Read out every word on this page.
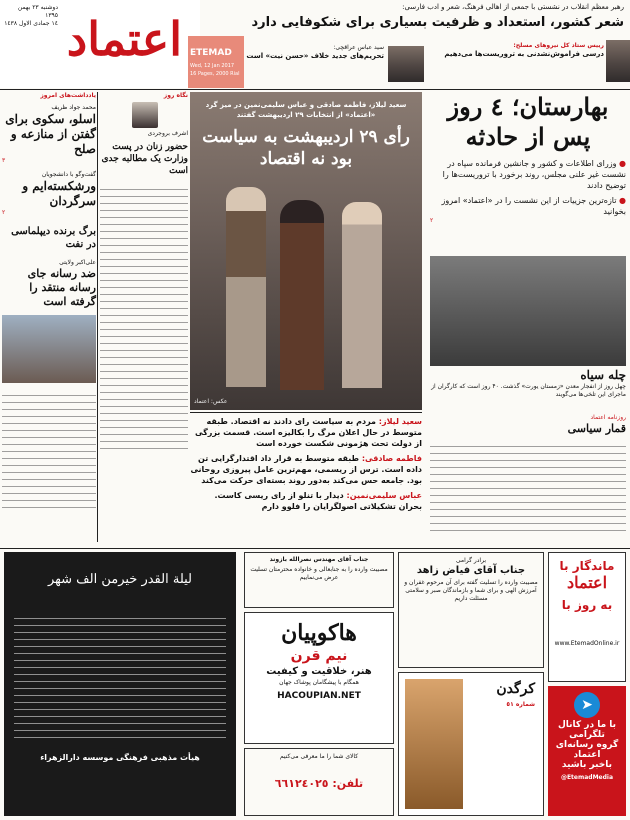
اعتماد
دوشنبه ٢٣ بهمن ١٣٩٥
١٤ جمادی الاول ١٤٣٨
ETEMAD
Wed, 12 Jan 2017
16 Pages, 2000 Rial
رهبر معظم انقلاب در نشستی با جمعی از اهالی فرهنگ، شعر و ادب فارسی:
شعر کشور، استعداد و ظرفیت بسیاری برای شکوفایی دارد
رییس ستاد کل نیروهای مسلح:
درسی فراموش‌نشدنی به تروریست‌ها می‌دهیم
سید عباس عراقچی:
تحریم‌های جدید خلاف «حسن نیت» است
یادداشت‌های امروز
محمد جواد ظریف
اسلو، سکوی برای گفتن از منازعه و صلح
٣
گفت‌وگو با دانشجویان
ورشکسته‌ایم و سرگردان
٢
برگ برنده دیپلماسی در نفت
علی‌اکبر ولایتی
ضد رسانه جای رسانه منتقد را گرفته است
نگاه روز
اشرف بروجردی
حضور زنان در پست وزارت یک مطالبه جدی است
سعید لیلاز، فاطمه صادقی و عباس سلیمی‌نمین در میز گرد «اعتماد» از انتخابات ٢٩ اردیبهشت گفتند
رأی ٢٩ اردیبهشت به سیاست بود نه اقتصاد
عکس: اعتماد
بهارستان؛ ٤ روز پس از حادثه
● وزرای اطلاعات و کشور و جانشین فرمانده سپاه در نشست غیر علنی مجلس، روند برخورد با تروریست‌ها را توضیح دادند
● تازه‌ترین جزییات از این نشست را در «اعتماد» امروز بخوانید
٢
چله سیاه
چهل روز از انفجار معدن «زمستان یورت» گذشت. ۴٠ روز است که کارگران از ماجرای این تلخی‌ها می‌گویند
سعید لیلاز: مردم به سیاست رای دادند نه اقتصاد. طبقه متوسط در حال اعلان مرگ را بکالیزه است. قسمت بزرگی از دولت تحت هژمونی شکست خورده است
فاطمه صادقی: طبقه متوسط به قرار داد اقتدارگرایی تن داده است. ترس از ریسمی، مهم‌ترین عامل پیروزی روحانی بود. جامعه حس می‌کند به‌دور روند بسته‌ای حرکت می‌کند
عباس سلیمی‌نمین: دیدار با تنلو از رای ریسی کاست. بحران تشکیلاتی اصولگرایان را فلوو دارم
روزنامه اعتماد
قمار سیاسی
لیلة القدر خیرمن الف شهر
هیأت مذهبی فرهنگی موسسه دارالزهراء
جناب آقای مهندس نصرالله بازوند
مصیبت وارده را به جنابعالی و خانواده محترمتان تسلیت عرض می‌نماییم
برادر گرامی
جناب آقای فیاض زاهد
مصیبت وارده را تسلیت گفته برای آن مرحوم غفران و آمرزش الهی و برای شما و بازماندگان صبر و سلامتی مسئلت داریم
هاکوپیان
نیم قرن
هنر، خلاقیت و کیفیت
همگام با پیشگامان پوشاک جهان
HACOUPIAN.NET
کالای شما را ما معرفی می‌کنیم
تلفن: ٦٦١٢٤٠٢٥
کرگدن
شماره ٥١
ماندگار با
اعتماد
به روز با
www.EtemadOnline.ir
➤
با ما در کانال
تلگرامی
گروه رسانه‌ای
اعتماد
باخبر باشید
@EtemadMedia
